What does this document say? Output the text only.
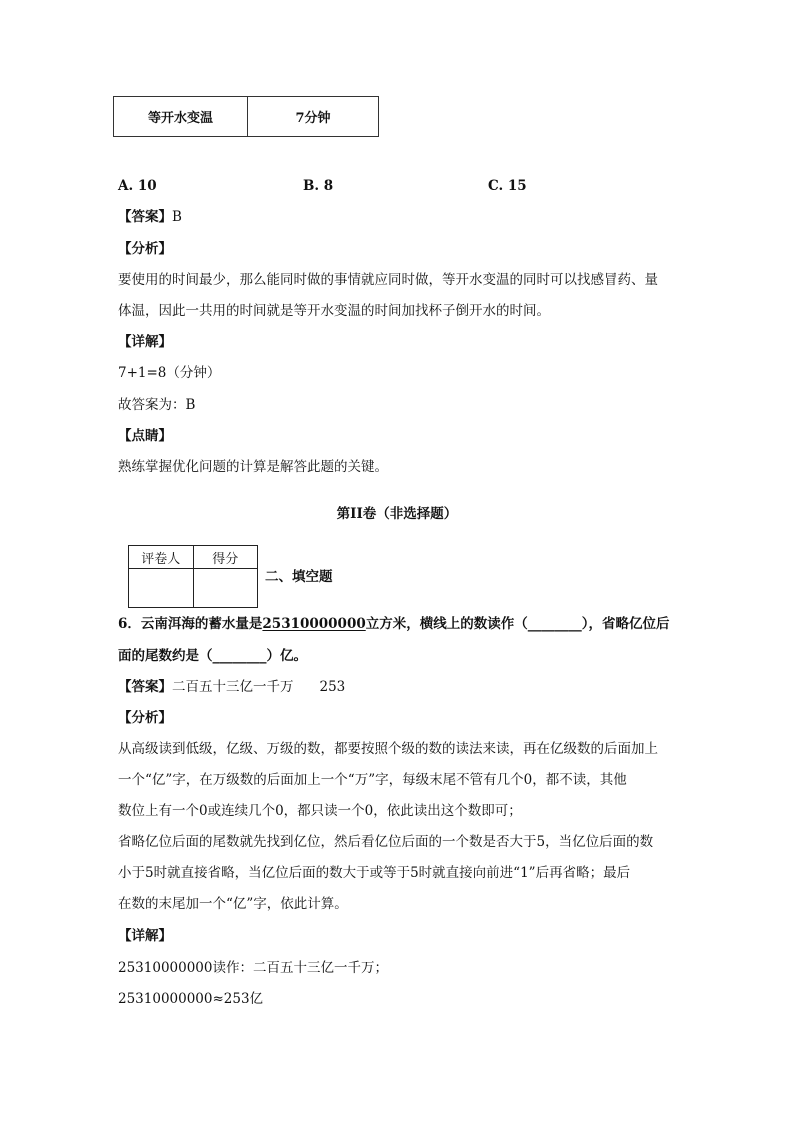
等开水变温	7分钟
A. 10	B. 8	C. 15
【答案】B
【分析】
要使用的时间最少，那么能同时做的事情就应同时做，等开水变温的同时可以找感冒药、量
体温，因此一共用的时间就是等开水变温的时间加找杯子倒开水的时间。
【详解】
7+1=8（分钟）
故答案为：B
【点睛】
熟练掌握优化问题的计算是解答此题的关键。
第II卷（非选择题）
评卷人	得分
二、填空题
6．云南洱海的蓄水量是25310000000立方米，横线上的数读作（________），省略亿位后
面的尾数约是（________）亿。
【答案】二百五十三亿一千万 253
【分析】
从高级读到低级，亿级、万级的数，都要按照个级的数的读法来读，再在亿级数的后面加上
一个“亿”字，在万级数的后面加上一个“万”字，每级末尾不管有几个0，都不读，其他
数位上有一个0或连续几个0，都只读一个0，依此读出这个数即可；
省略亿位后面的尾数就先找到亿位，然后看亿位后面的一个数是否大于5，当亿位后面的数
小于5时就直接省略，当亿位后面的数大于或等于5时就直接向前进“1”后再省略；最后
在数的末尾加一个“亿”字，依此计算。
【详解】
25310000000读作：二百五十三亿一千万；
25310000000≈253亿
